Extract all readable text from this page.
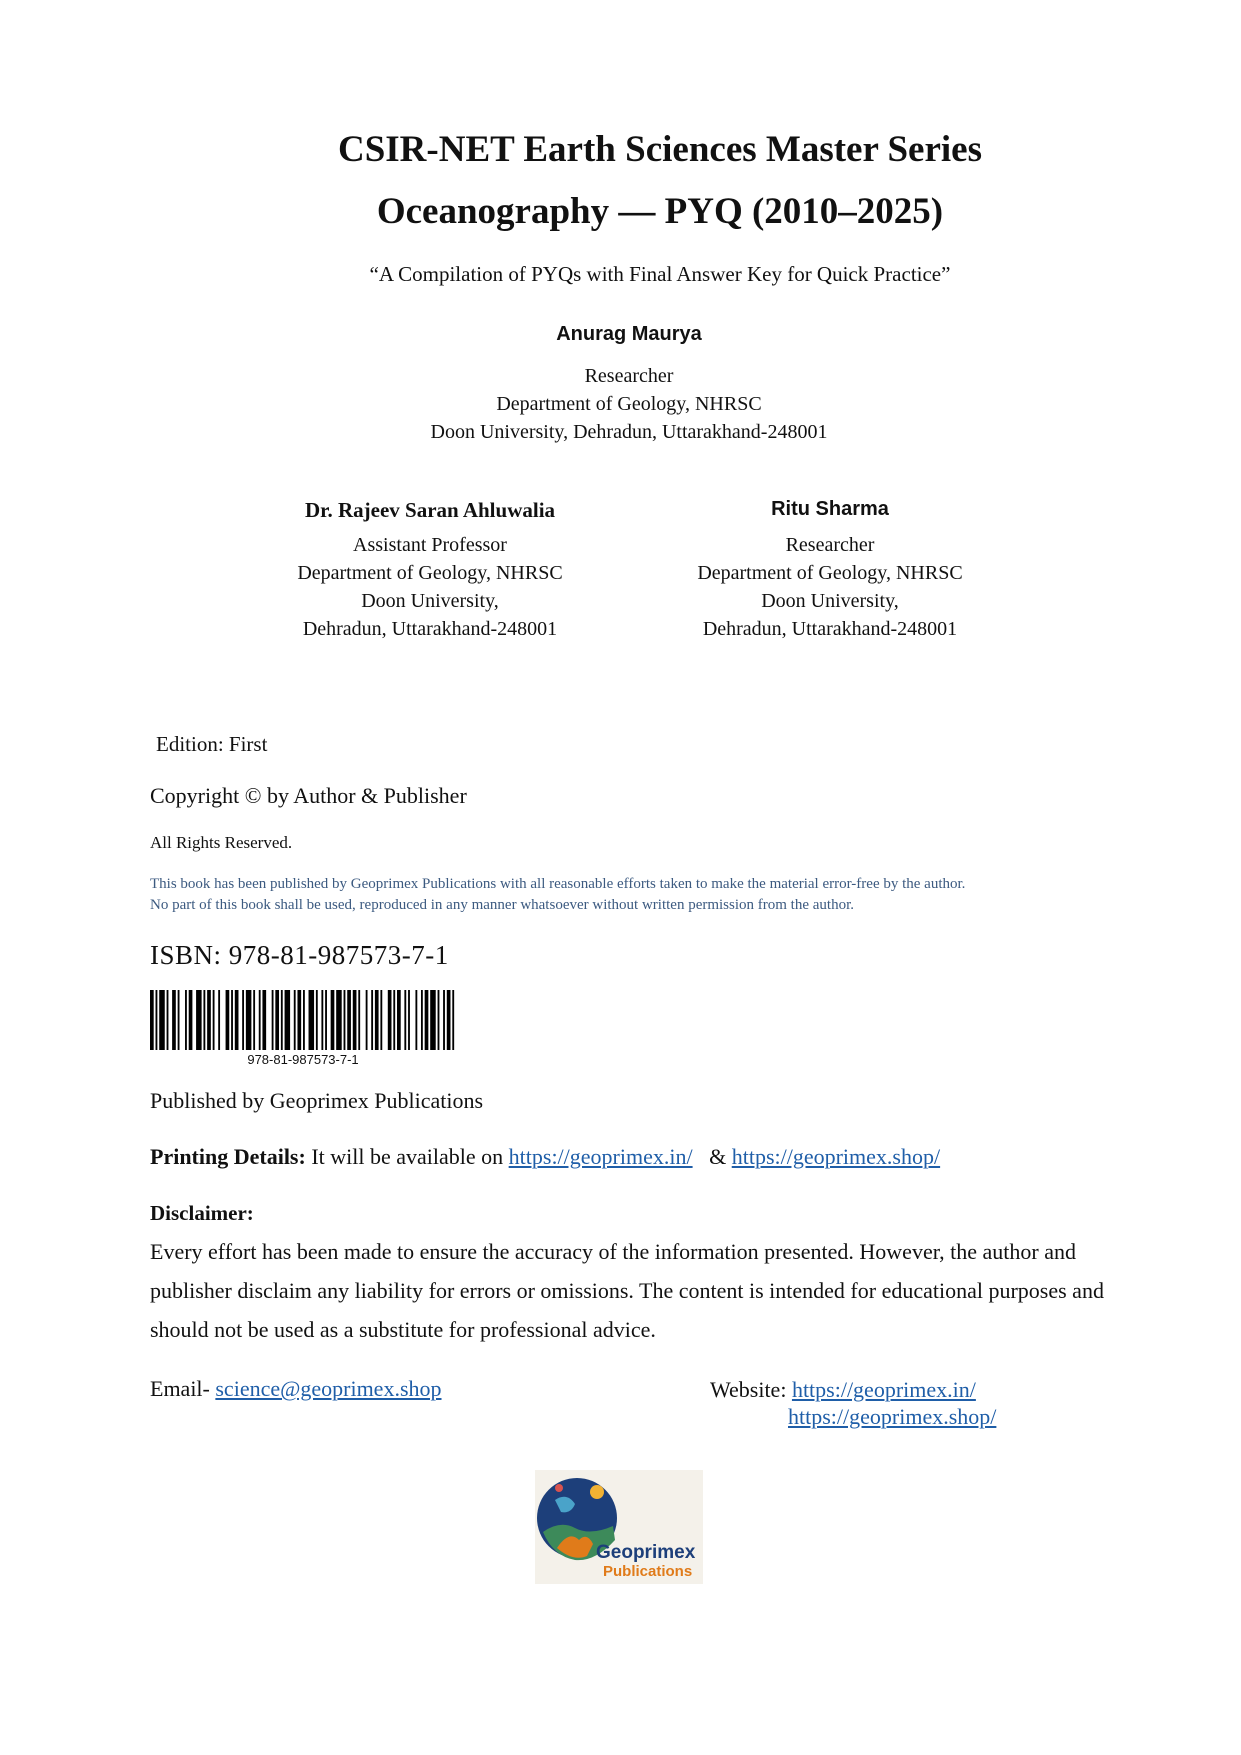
CSIR-NET Earth Sciences Master Series
Oceanography — PYQ (2010–2025)
“A Compilation of PYQs with Final Answer Key for Quick Practice”
Anurag Maurya
Researcher
Department of Geology, NHRSC
Doon University, Dehradun, Uttarakhand-248001
Dr. Rajeev Saran Ahluwalia
Assistant Professor
Department of Geology, NHRSC
Doon University,
Dehradun, Uttarakhand-248001
Ritu Sharma
Researcher
Department of Geology, NHRSC
Doon University,
Dehradun, Uttarakhand-248001
Edition: First
Copyright © by Author & Publisher
All Rights Reserved.
This book has been published by Geoprimex Publications with all reasonable efforts taken to make the material error-free by the author.
No part of this book shall be used, reproduced in any manner whatsoever without written permission from the author.
ISBN: 978-81-987573-7-1
978-81-987573-7-1
Published by Geoprimex Publications
Printing Details: It will be available on https://geoprimex.in/   & https://geoprimex.shop/
Disclaimer:
Every effort has been made to ensure the accuracy of the information presented. However, the author and publisher disclaim any liability for errors or omissions. The content is intended for educational purposes and should not be used as a substitute for professional advice.
Email- science@geoprimex.shop	Website: https://geoprimex.in/
https://geoprimex.shop/
Geoprimex
Publications
